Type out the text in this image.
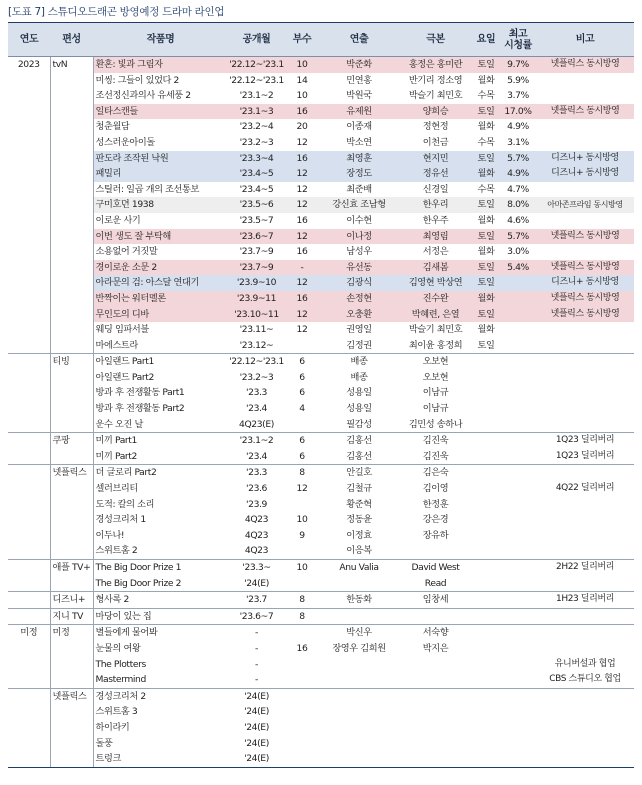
[도표 7] 스튜디오드래곤 방영예정 드라마 라인업
연도	편성	작품명	공개월	부수	연출	극본	요일	최고
시청률	비고
2023	tvN	환혼: 빛과 그림자	'22.12~'23.1	10	박준화	홍정은 홍미란	토일	9.7%	넷플릭스 동시방영
		미씽: 그들이 있었다 2	'22.12~'23.1	14	민연홍	반기리 정소영	월화	5.9%	
		조선정신과의사 유세풍 2	'23.1~2	10	박원국	박슬기 최민호	수목	3.7%	
		일타스캔들	'23.1~3	16	유제원	양희승	토일	17.0%	넷플릭스 동시방영
		청춘월담	'23.2~4	20	이종재	정현정	월화	4.9%	
		성스러운아이돌	'23.2~3	12	박소연	이천금	수목	3.1%	
		판도라 조작된 낙원	'23.3~4	16	최영훈	현지민	토일	5.7%	디즈니+ 동시방영
		패밀리	'23.4~5	12	장정도	정유선	월화	4.9%	디즈니+ 동시방영
		스틸러: 일곱 개의 조선통보	'23.4~5	12	최준배	신경일	수목	4.7%	
		구미호뎐 1938	'23.5~6	12	강신효 조남형	한우리	토일	8.0%	아마존프라임 동시방영
		이로운 사기	'23.5~7	16	이수현	한우주	월화	4.6%	
		이번 생도 잘 부탁해	'23.6~7	12	이나정	최영림	토일	5.7%	넷플릭스 동시방영
		소용없어 거짓말	'23.7~9	16	남성우	서정은	월화	3.0%	
		경이로운 소문 2	'23.7~9	-	유선동	김새봄	토일	5.4%	넷플릭스 동시방영
		아라문의 검: 아스달 연대기	'23.9~10	12	김광식	김영현 박상연	토일		디즈니+ 동시방영
		반짝이는 워터멜론	'23.9~11	16	손정현	진수완	월화		넷플릭스 동시방영
		무인도의 디바	'23.10~11	12	오충환	박혜련, 은열	토일		넷플릭스 동시방영
		웨딩 임파서블	'23.11~	12	권영일	박슬기 최민호	월화		
		마에스트라	'23.12~		김정권	최이윤 홍정희	토일		
	티빙	아일랜드 Part1	'22.12~'23.1	6	배종	오보현			
		아일랜드 Part2	'23.2~3	6	배종	오보현			
		방과 후 전쟁활동 Part1	'23.3	6	성용일	이남규			
		방과 후 전쟁활동 Part2	'23.4	4	성용일	이남규			
		운수 오진 날	4Q23(E)		필감성	김민성 송하나			
	쿠팡	미끼 Part1	'23.1~2	6	김홍선	김진욱			1Q23 딜리버리
		미끼 Part2	'23.4	6	김홍선	김진욱			1Q23 딜리버리
	넷플릭스	더 글로리 Part2	'23.3	8	안길호	김은숙			
		셀러브리티	'23.6	12	김철규	김이영			4Q22 딜리버리
		도적: 칼의 소리	'23.9		황준혁	한정훈			
		경성크리처 1	4Q23	10	정동윤	강은경			
		이두나!	4Q23	9	이정효	장유하			
		스위트홈 2	4Q23		이응복				
	애플 TV+	The Big Door Prize 1	'23.3~	10	Anu Valia	David West			2H22 딜리버리
		The Big Door Prize 2	'24(E)			Read			
	디즈니+	형사록 2	'23.7	8	한동화	임창세			1H23 딜리버리
	지니 TV	마당이 있는 집	'23.6~7	8					
미정	미정	별들에게 물어봐	-		박신우	서숙향			
		눈물의 여왕	-	16	장영우 김희원	박지은			
		The Plotters	-						유니버설과 협업
		Mastermind	-						CBS 스튜디오 협업
	넷플릭스	경성크리처 2	'24(E)						
		스위트홈 3	'24(E)						
		하이라키	'24(E)						
		돌풍	'24(E)						
		트렁크	'24(E)						
